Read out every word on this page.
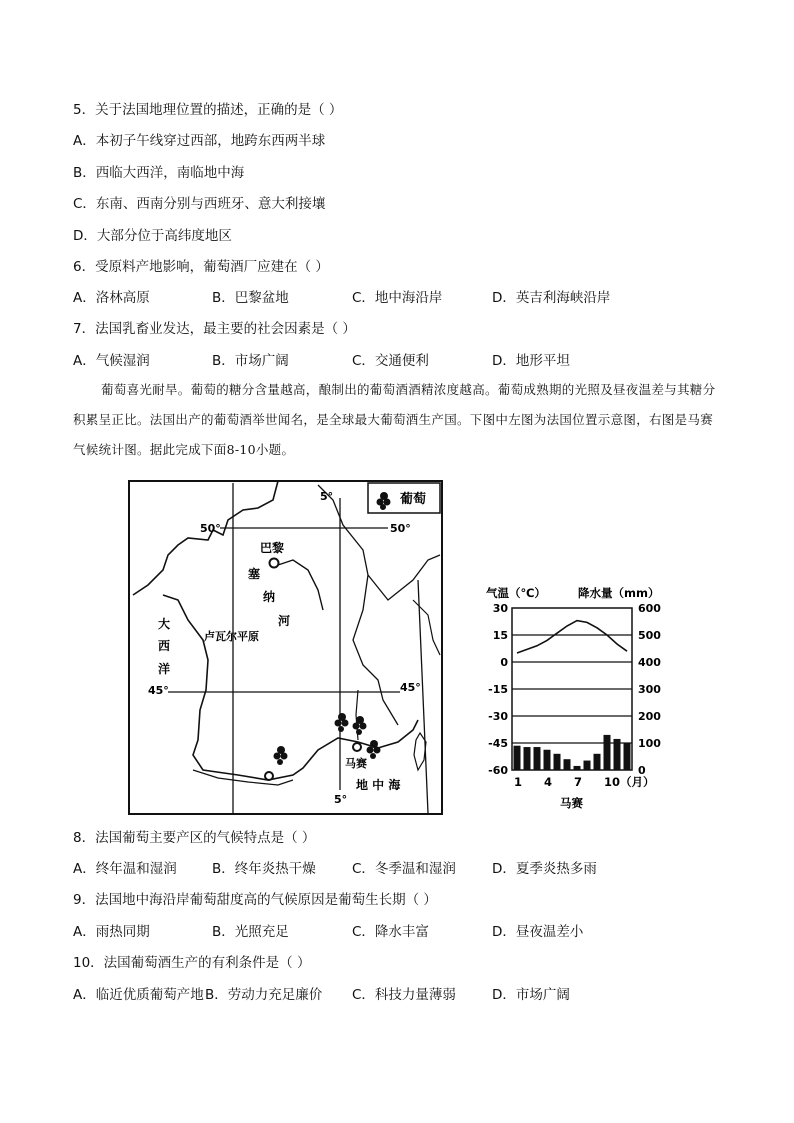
5．关于法国地理位置的描述，正确的是（ ）
A．本初子午线穿过西部，地跨东西两半球
B．西临大西洋，南临地中海
C．东南、西南分别与西班牙、意大利接壤
D．大部分位于高纬度地区
6．受原料产地影响，葡萄酒厂应建在（ ）
A．洛林高原	B．巴黎盆地	C．地中海沿岸	D．英吉利海峡沿岸
7．法国乳畜业发达，最主要的社会因素是（ ）
A．气候湿润	B．市场广阔	C．交通便利	D．地形平坦
葡萄喜光耐旱。葡萄的糖分含量越高，酿制出的葡萄酒酒精浓度越高。葡萄成熟期的光照及昼夜温差与其糖分积累呈正比。法国出产的葡萄酒举世闻名，是全球最大葡萄酒生产国。下图中左图为法国位置示意图，右图是马赛气候统计图。据此完成下面8-10小题。
葡萄
50°	50°
45°	45°
5°
5°
巴黎
塞
纳
河
大
西
洋
卢瓦尔平原
马赛
地 中 海
气温（℃）	降水量（mm）
30
15
0
-15
-30
-45
-60
600
500
400
300
200
100
0
1 4 7 10（月）
马赛
8．法国葡萄主要产区的气候特点是（ ）
A．终年温和湿润	B．终年炎热干燥	C．冬季温和湿润	D．夏季炎热多雨
9．法国地中海沿岸葡萄甜度高的气候原因是葡萄生长期（ ）
A．雨热同期	B．光照充足	C．降水丰富	D．昼夜温差小
10．法国葡萄酒生产的有利条件是（ ）
A．临近优质葡萄产地 B．劳动力充足廉价 C．科技力量薄弱	D．市场广阔
